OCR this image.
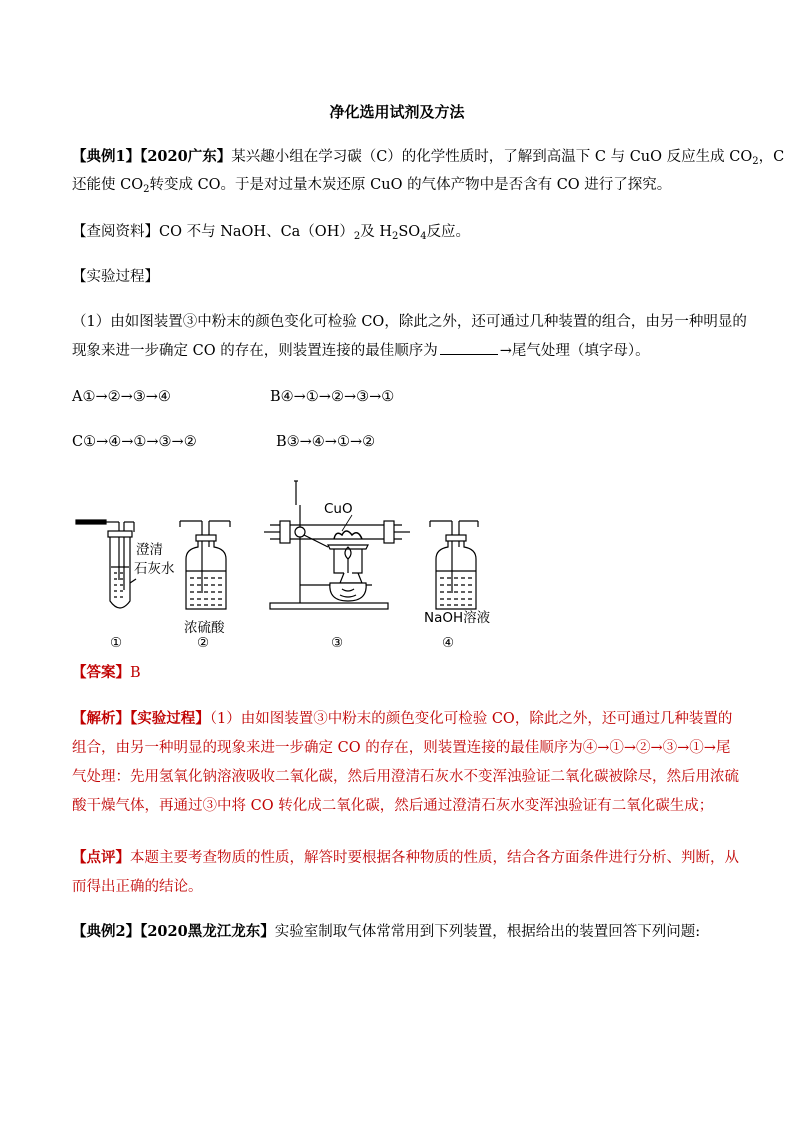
净化选用试剂及方法
【典例1】【2020广东】某兴趣小组在学习碳（C）的化学性质时，了解到高温下 C 与 CuO 反应生成 $CO_2$，C
还能使 $CO_2$转变成 CO。于是对过量木炭还原 CuO 的气体产物中是否含有 CO 进行了探究。
【查阅资料】CO 不与 NaOH、$Ca(OH)_2$及 $H_2SO_4$反应。
【实验过程】
（1）由如图装置③中粉末的颜色变化可检验 CO，除此之外，还可通过几种装置的组合，由另一种明显的
现象来进一步确定 CO 的存在，则装置连接的最佳顺序为	→尾气处理（填字母）。
A①→②→③→④	B④→①→②→③→①
C①→④→①→③→②	B③→④→①→②
澄清
石灰水
浓硫酸
CuO
NaOH溶液
①	②	③	④
【答案】B
【解析】【实验过程】（1）由如图装置③中粉末的颜色变化可检验 CO，除此之外，还可通过几种装置的
组合，由另一种明显的现象来进一步确定 CO 的存在，则装置连接的最佳顺序为④→①→②→③→①→尾
气处理：先用氢氧化钠溶液吸收二氧化碳，然后用澄清石灰水不变浑浊验证二氧化碳被除尽，然后用浓硫
酸干燥气体，再通过③中将 CO 转化成二氧化碳，然后通过澄清石灰水变浑浊验证有二氧化碳生成；
【点评】本题主要考查物质的性质，解答时要根据各种物质的性质，结合各方面条件进行分析、判断，从
而得出正确的结论。
【典例2】【2020黑龙江龙东】实验室制取气体常常用到下列装置，根据给出的装置回答下列问题:
